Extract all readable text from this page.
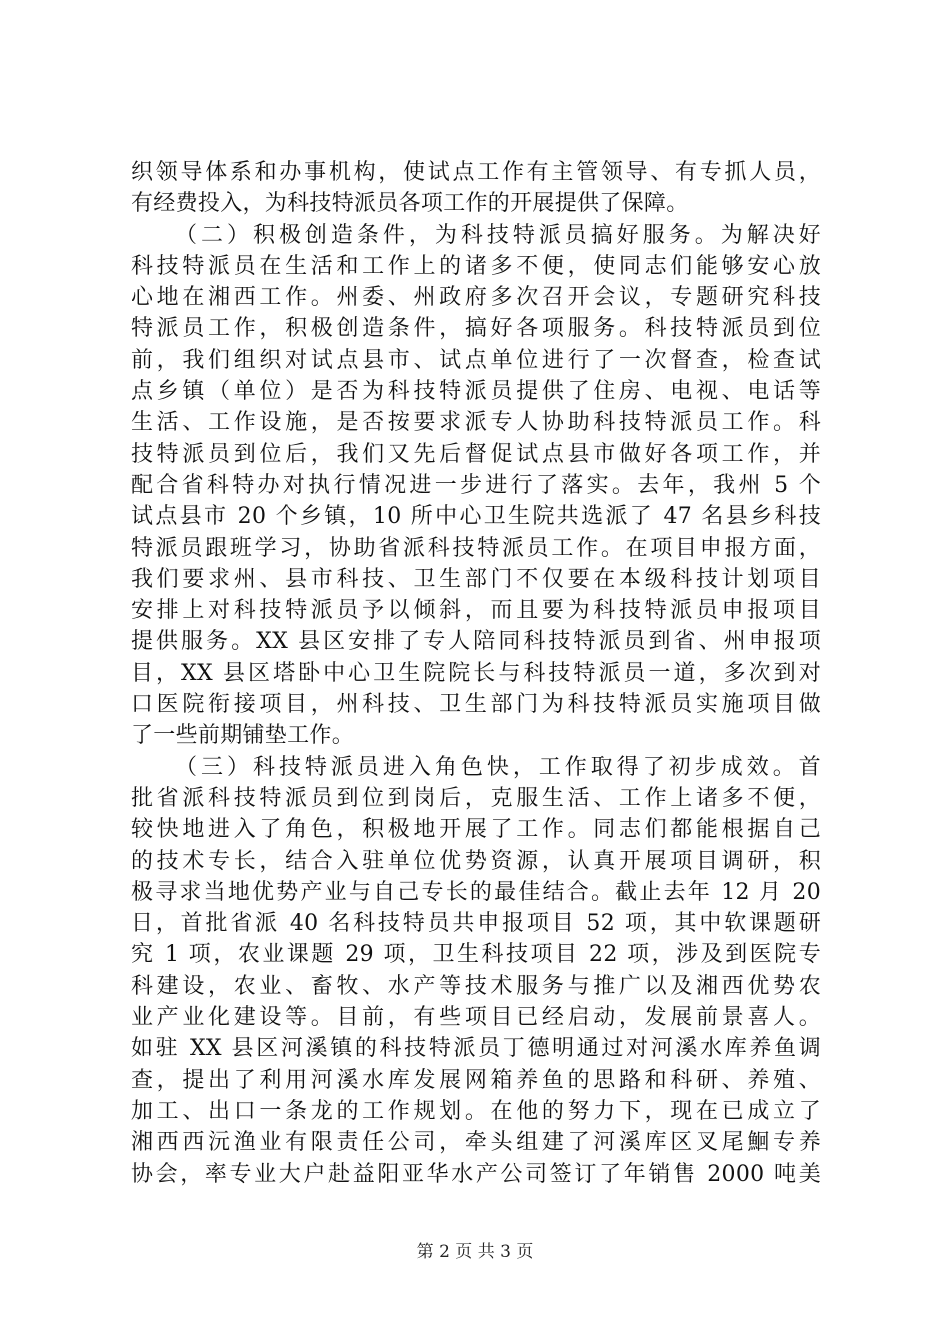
织领导体系和办事机构，使试点工作有主管领导、有专抓人员，
有经费投入，为科技特派员各项工作的开展提供了保障。
（二）积极创造条件，为科技特派员搞好服务。为解决好
科技特派员在生活和工作上的诸多不便，使同志们能够安心放
心地在湘西工作。州委、州政府多次召开会议，专题研究科技
特派员工作，积极创造条件，搞好各项服务。科技特派员到位
前，我们组织对试点县市、试点单位进行了一次督查，检查试
点乡镇（单位）是否为科技特派员提供了住房、电视、电话等
生活、工作设施，是否按要求派专人协助科技特派员工作。科
技特派员到位后，我们又先后督促试点县市做好各项工作，并
配合省科特办对执行情况进一步进行了落实。去年，我州 5 个
试点县市 20 个乡镇，10 所中心卫生院共选派了 47 名县乡科技
特派员跟班学习，协助省派科技特派员工作。在项目申报方面，
我们要求州、县市科技、卫生部门不仅要在本级科技计划项目
安排上对科技特派员予以倾斜，而且要为科技特派员申报项目
提供服务。XX 县区安排了专人陪同科技特派员到省、州申报项
目，XX 县区塔卧中心卫生院院长与科技特派员一道，多次到对
口医院衔接项目，州科技、卫生部门为科技特派员实施项目做
了一些前期铺垫工作。
（三）科技特派员进入角色快，工作取得了初步成效。首
批省派科技特派员到位到岗后，克服生活、工作上诸多不便，
较快地进入了角色，积极地开展了工作。同志们都能根据自己
的技术专长，结合入驻单位优势资源，认真开展项目调研，积
极寻求当地优势产业与自己专长的最佳结合。截止去年 12 月 20
日，首批省派 40 名科技特员共申报项目 52 项，其中软课题研
究 1 项，农业课题 29 项，卫生科技项目 22 项，涉及到医院专
科建设，农业、畜牧、水产等技术服务与推广以及湘西优势农
业产业化建设等。目前，有些项目已经启动，发展前景喜人。
如驻 XX 县区河溪镇的科技特派员丁德明通过对河溪水库养鱼调
查，提出了利用河溪水库发展网箱养鱼的思路和科研、养殖、
加工、出口一条龙的工作规划。在他的努力下，现在已成立了
湘西西沅渔业有限责任公司，牵头组建了河溪库区叉尾鮰专养
协会，率专业大户赴益阳亚华水产公司签订了年销售 2000 吨美
第 2 页 共 3 页
